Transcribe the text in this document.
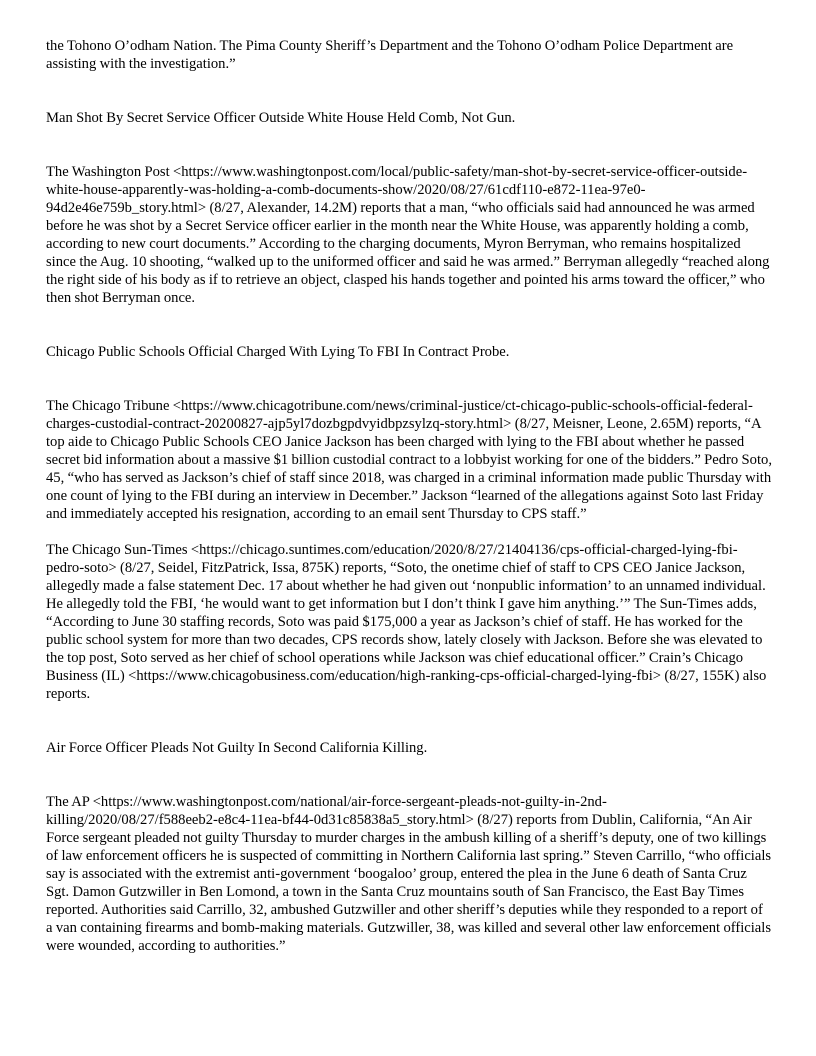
the Tohono O’odham Nation. The Pima County Sheriff’s Department and the Tohono O’odham Police Department are assisting with the investigation.”

Man Shot By Secret Service Officer Outside White House Held Comb, Not Gun.

The Washington Post <https://www.washingtonpost.com/local/public-safety/man-shot-by-secret-service-officer-outside-white-house-apparently-was-holding-a-comb-documents-show/2020/08/27/61cdf110-e872-11ea-97e0-94d2e46e759b_story.html> (8/27, Alexander, 14.2M) reports that a man, “who officials said had announced he was armed before he was shot by a Secret Service officer earlier in the month near the White House, was apparently holding a comb, according to new court documents.” According to the charging documents, Myron Berryman, who remains hospitalized since the Aug. 10 shooting, “walked up to the uniformed officer and said he was armed.” Berryman allegedly “reached along the right side of his body as if to retrieve an object, clasped his hands together and pointed his arms toward the officer,” who then shot Berryman once.

Chicago Public Schools Official Charged With Lying To FBI In Contract Probe.

The Chicago Tribune <https://www.chicagotribune.com/news/criminal-justice/ct-chicago-public-schools-official-federal-charges-custodial-contract-20200827-ajp5yl7dozbgpdvyidbpzsylzq-story.html> (8/27, Meisner, Leone, 2.65M) reports, “A top aide to Chicago Public Schools CEO Janice Jackson has been charged with lying to the FBI about whether he passed secret bid information about a massive $1 billion custodial contract to a lobbyist working for one of the bidders.” Pedro Soto, 45, “who has served as Jackson’s chief of staff since 2018, was charged in a criminal information made public Thursday with one count of lying to the FBI during an interview in December.” Jackson “learned of the allegations against Soto last Friday and immediately accepted his resignation, according to an email sent Thursday to CPS staff.”

The Chicago Sun-Times <https://chicago.suntimes.com/education/2020/8/27/21404136/cps-official-charged-lying-fbi-pedro-soto> (8/27, Seidel, FitzPatrick, Issa, 875K) reports, “Soto, the onetime chief of staff to CPS CEO Janice Jackson, allegedly made a false statement Dec. 17 about whether he had given out ‘nonpublic information’ to an unnamed individual. He allegedly told the FBI, ‘he would want to get information but I don’t think I gave him anything.’” The Sun-Times adds, “According to June 30 staffing records, Soto was paid $175,000 a year as Jackson’s chief of staff. He has worked for the public school system for more than two decades, CPS records show, lately closely with Jackson. Before she was elevated to the top post, Soto served as her chief of school operations while Jackson was chief educational officer.” Crain’s Chicago Business (IL) <https://www.chicagobusiness.com/education/high-ranking-cps-official-charged-lying-fbi> (8/27, 155K) also reports.

Air Force Officer Pleads Not Guilty In Second California Killing.

The AP <https://www.washingtonpost.com/national/air-force-sergeant-pleads-not-guilty-in-2nd-killing/2020/08/27/f588eeb2-e8c4-11ea-bf44-0d31c85838a5_story.html> (8/27) reports from Dublin, California, “An Air Force sergeant pleaded not guilty Thursday to murder charges in the ambush killing of a sheriff’s deputy, one of two killings of law enforcement officers he is suspected of committing in Northern California last spring.” Steven Carrillo, “who officials say is associated with the extremist anti-government ‘boogaloo’ group, entered the plea in the June 6 death of Santa Cruz Sgt. Damon Gutzwiller in Ben Lomond, a town in the Santa Cruz mountains south of San Francisco, the East Bay Times reported. Authorities said Carrillo, 32, ambushed Gutzwiller and other sheriff’s deputies while they responded to a report of a van containing firearms and bomb-making materials. Gutzwiller, 38, was killed and several other law enforcement officials were wounded, according to authorities.”
